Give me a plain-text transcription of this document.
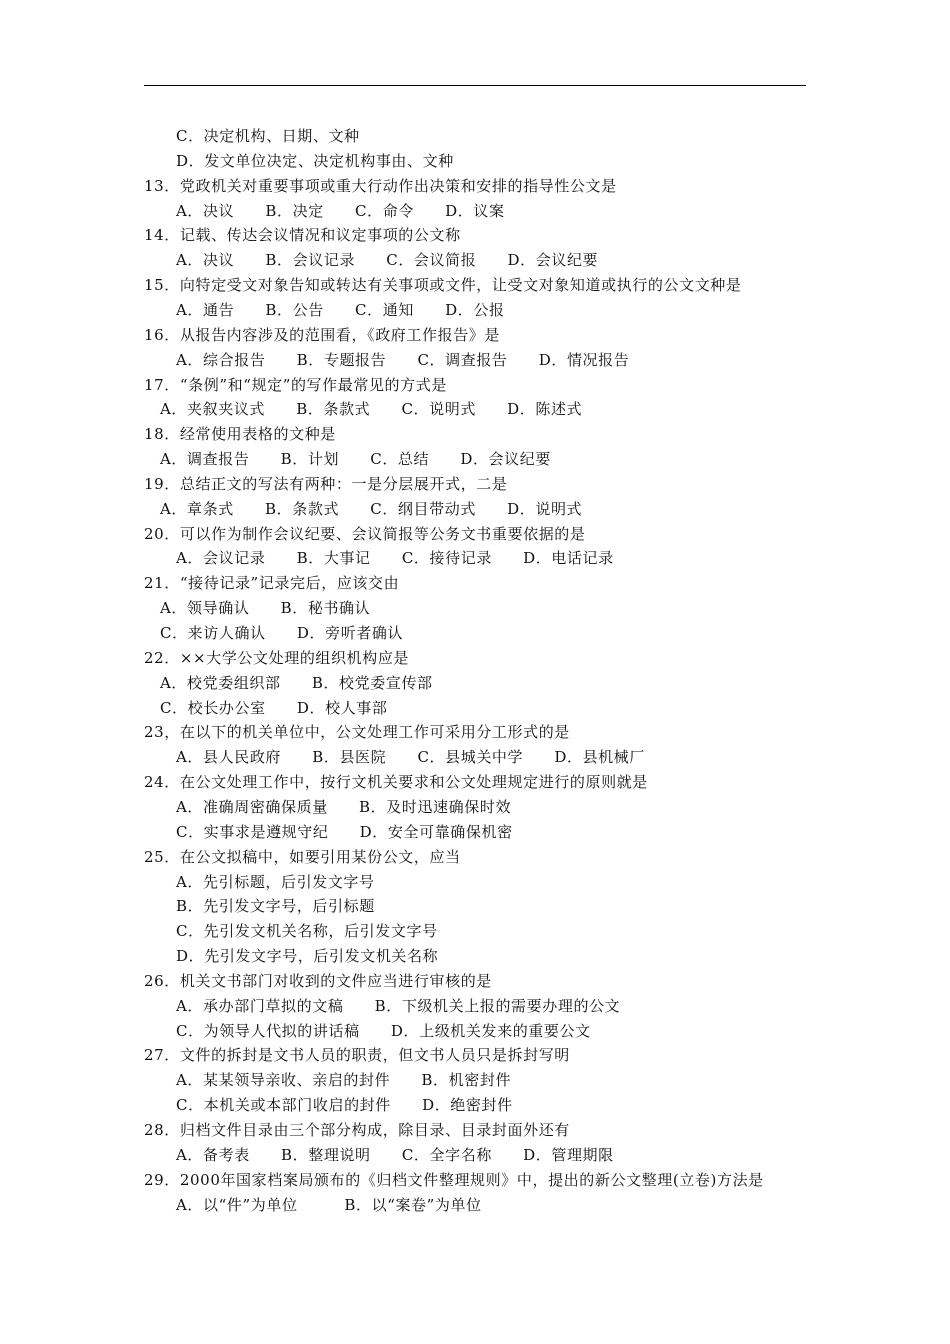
C．决定机构、日期、文种
D．发文单位决定、决定机构事由、文种
13．党政机关对重要事项或重大行动作出决策和安排的指导性公文是
A．决议　　B．决定　　C．命令　　D．议案
14．记载、传达会议情况和议定事项的公文称
A．决议　　B．会议记录　　C．会议简报　　D．会议纪要
15．向特定受文对象告知或转达有关事项或文件，让受文对象知道或执行的公文文种是
A．通告　　B．公告　　C．通知　　D．公报
16．从报告内容涉及的范围看，《政府工作报告》是
A．综合报告　　B．专题报告　　C．调查报告　　D．情况报告
17．“条例”和“规定”的写作最常见的方式是
A．夹叙夹议式　　B．条款式　　C．说明式　　D．陈述式
18．经常使用表格的文种是
A．调查报告　　B．计划　　C．总结　　D．会议纪要
19．总结正文的写法有两种：一是分层展开式，二是
A．章条式　　B．条款式　　C．纲目带动式　　D．说明式
20．可以作为制作会议纪要、会议简报等公务文书重要依据的是
A．会议记录　　B．大事记　　C．接待记录　　D．电话记录
21．“接待记录”记录完后，应该交由
A．领导确认　　B．秘书确认
C．来访人确认　　D．旁听者确认
22．××大学公文处理的组织机构应是
A．校党委组织部　　B．校党委宣传部
C．校长办公室　　D．校人事部
23，在以下的机关单位中，公文处理工作可采用分工形式的是
A．县人民政府　　B．县医院　　C．县城关中学　　D．县机械厂
24．在公文处理工作中，按行文机关要求和公文处理规定进行的原则就是
A．准确周密确保质量　　B．及时迅速确保时效
C．实事求是遵规守纪　　D．安全可靠确保机密
25．在公文拟稿中，如要引用某份公文，应当
A．先引标题，后引发文字号
B．先引发文字号，后引标题
C．先引发文机关名称，后引发文字号
D．先引发文字号，后引发文机关名称
26．机关文书部门对收到的文件应当进行审核的是
A．承办部门草拟的文稿　　B．下级机关上报的需要办理的公文
C．为领导人代拟的讲话稿　　D．上级机关发来的重要公文
27．文件的拆封是文书人员的职责，但文书人员只是拆封写明
A．某某领导亲收、亲启的封件　　B．机密封件
C．本机关或本部门收启的封件　　D．绝密封件
28．归档文件目录由三个部分构成，除目录、目录封面外还有
A．备考表　　B．整理说明　　C．全字名称　　D．管理期限
29．2000年国家档案局颁布的《归档文件整理规则》中，提出的新公文整理(立卷)方法是
A．以“件”为单位　　　B．以“案卷”为单位
